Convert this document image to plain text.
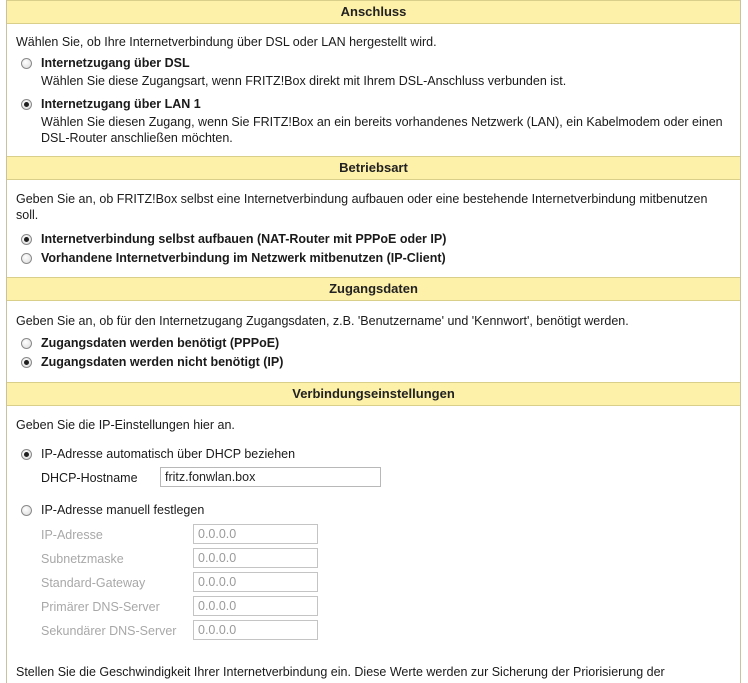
Anschluss
Wählen Sie, ob Ihre Internetverbindung über DSL oder LAN hergestellt wird.
Internetzugang über DSL
Wählen Sie diese Zugangsart, wenn FRITZ!Box direkt mit Ihrem DSL-Anschluss verbunden ist.
Internetzugang über LAN 1
Wählen Sie diesen Zugang, wenn Sie FRITZ!Box an ein bereits vorhandenes Netzwerk (LAN), ein Kabelmodem oder einen DSL-Router anschließen möchten.
Betriebsart
Geben Sie an, ob FRITZ!Box selbst eine Internetverbindung aufbauen oder eine bestehende Internetverbindung mitbenutzen soll.
Internetverbindung selbst aufbauen (NAT-Router mit PPPoE oder IP)
Vorhandene Internetverbindung im Netzwerk mitbenutzen (IP-Client)
Zugangsdaten
Geben Sie an, ob für den Internetzugang Zugangsdaten, z.B. 'Benutzername' und 'Kennwort', benötigt werden.
Zugangsdaten werden benötigt (PPPoE)
Zugangsdaten werden nicht benötigt (IP)
Verbindungseinstellungen
Geben Sie die IP-Einstellungen hier an.
IP-Adresse automatisch über DHCP beziehen
DHCP-Hostname	fritz.fonwlan.box
IP-Adresse manuell festlegen
IP-Adresse	0.0.0.0
Subnetzmaske	0.0.0.0
Standard-Gateway	0.0.0.0
Primärer DNS-Server	0.0.0.0
Sekundärer DNS-Server	0.0.0.0
Stellen Sie die Geschwindigkeit Ihrer Internetverbindung ein. Diese Werte werden zur Sicherung der Priorisierung der
